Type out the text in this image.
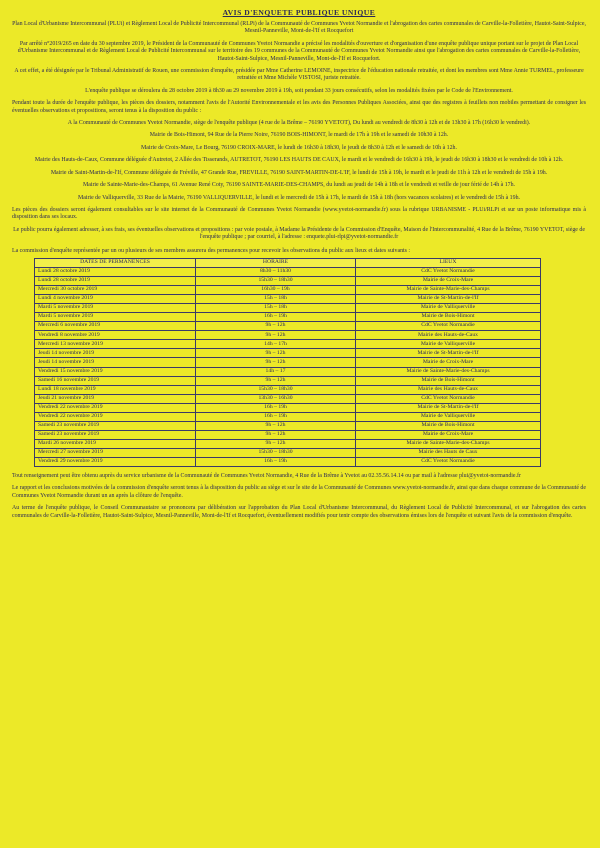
AVIS D'ENQUETE PUBLIQUE UNIQUE

Plan Local d'Urbanisme Intercommunal (PLUi) et Règlement Local de Publicité Intercommunal (RLPi) de la Communauté de Communes Yvetot Normandie et l'abrogation des cartes communales de Carville-la-Folletière, Hautot-Saint-Sulpice, Mesnil-Panneville, Mont-de-l'If et Rocquefort

Par arrêté n°2019/265 en date du 30 septembre 2019, le Président de la Communauté de Communes Yvetot Normandie a précisé les modalités d'ouverture et d'organisation d'une enquête publique unique portant sur le projet de Plan Local d'Urbanisme Intercommunal et de Règlement Local de Publicité Intercommunal sur le territoire des 19 communes de la Communauté de Communes Yvetot Normandie ainsi que l'abrogation des cartes communales de Carville-la-Folletière, Hautot-Saint-Sulpice, Mesnil-Panneville, Mont-de-l'If et Rocquefort.

A cet effet, a été désignée par le Tribunal Administratif de Rouen, une commission d'enquête, présidée par Mme Catherine LEMOINE, inspectrice de l'éducation nationale retraitée, et dont les membres sont Mme Annie TURMEL, professeure retraitée et Mme Michèle VISTOSI, juriste retraitée.

L'enquête publique se déroulera du 28 octobre 2019 à 8h30 au 29 novembre 2019 à 19h, soit pendant 33 jours consécutifs, selon les modalités fixées par le Code de l'Environnement.

Pendant toute la durée de l'enquête publique, les pièces des dossiers, notamment l'avis de l'Autorité Environnementale et les avis des Personnes Publiques Associées, ainsi que des registres à feuillets non mobiles permettant de consigner les éventuelles observations et propositions, seront tenus à la disposition du public :

A la Communauté de Communes Yvetot Normandie, siège de l'enquête publique (4 rue de la Brême – 76190 YVETOT), Du lundi au vendredi de 8h30 à 12h et de 13h30 à 17h (16h30 le vendredi).
Mairie de Bois-Himont, 94 Rue de la Pierre Noire, 76190 BOIS-HIMONT, le mardi de 17h à 19h et le samedi de 10h30 à 12h.
Mairie de Croix-Mare, Le Bourg, 76190 CROIX-MARE, le lundi de 16h30 à 18h30, le jeudi de 8h30 à 12h et le samedi de 10h à 12h.
Mairie des Hauts-de-Caux, Commune déléguée d'Autretot, 2 Allée des Tisserands, AUTRETOT, 76190 LES HAUTS DE CAUX, le mardi et le vendredi de 16h30 à 19h, le jeudi de 16h30 à 18h30 et le vendredi de 10h à 12h.
Mairie de Saint-Martin-de-l'If, Commune déléguée de Fréville, 47 Grande Rue, FREVILLE, 76190 SAINT-MARTIN-DE-L'IF, le lundi de 15h à 19h, le mardi et le jeudi de 11h à 12h et le vendredi de 15h à 19h.
Mairie de Sainte-Marie-des-Champs, 61 Avenue René Coty, 76190 SAINTE-MARIE-DES-CHAMPS, du lundi au jeudi de 14h à 18h et le vendredi et veille de jour férié de 14h à 17h.
Mairie de Valliquerville, 33 Rue de la Mairie, 76190 VALLIQUERVILLE, le lundi et le mercredi de 15h à 17h, le mardi de 15h à 18h (hors vacances scolaires) et le vendredi de 15h à 19h.

Les pièces des dossiers seront également consultables sur le site internet de la Communauté de Communes Yvetot Normandie (www.yvetot-normandie.fr) sous la rubrique URBANISME - PLUi/RLPi et sur un poste informatique mis à disposition dans ses locaux.

Le public pourra également adresser, à ses frais, ses éventuelles observations et propositions : par voie postale, à Madame la Présidente de la Commission d'Enquête, Maison de l'Intercommunalité, 4 Rue de la Brême, 76190 YVETOT, siège de l'enquête publique ; par courriel, à l'adresse : enquete.plui-rlpi@yvetot-normandie.fr

La commission d'enquête représentée par un ou plusieurs de ses membres assurera des permanences pour recevoir les observations du public aux lieux et dates suivants :
DATES DE PERMANENCES	HORAIRE	LIEUX
Lundi 28 octobre 2019	8h30 – 11h30	CdC Yvetot Normandie
Lundi 28 octobre 2019	15h30 – 18h30	Mairie de Croix-Mare
Mercredi 30 octobre 2019	16h30 – 19h	Mairie de Sainte-Marie-des-Champs
Lundi 4 novembre 2019	15h – 18h	Mairie de St-Martin-de-l'If
Mardi 5 novembre 2019	15h – 18h	Mairie de Valliquerville
Mardi 5 novembre 2019	16h – 19h	Mairie de Bois-Himont
Mercredi 6 novembre 2019	9h – 12h	CdC Yvetot Normandie
Vendredi 8 novembre 2019	9h – 12h	Mairie des Hauts-de-Caux
Mercredi 13 novembre 2019	14h – 17h	Mairie de Valliquerville
Jeudi 14 novembre 2019	9h – 12h	Mairie de St-Martin-de-l'If
Jeudi 14 novembre 2019	9h – 12h	Mairie de Croix-Mare
Vendredi 15 novembre 2019	14h – 17	Mairie de Sainte-Marie-des-Champs
Samedi 16 novembre 2019	9h – 12h	Mairie de Bois-Himont
Lundi 18 novembre 2019	15h30 – 18h30	Mairie des Hauts-de-Caux
Jeudi 21 novembre 2019	13h30 – 16h30	CdC Yvetot Normandie
Vendredi 22 novembre 2019	16h – 19h	Mairie de St-Martin-de-l'If
Vendredi 22 novembre 2019	16h – 19h	Mairie de Valliquerville
Samedi 23 novembre 2019	9h – 12h	Mairie de Bois-Himont
Samedi 23 novembre 2019	9h – 12h	Mairie de Croix-Mare
Mardi 26 novembre 2019	9h – 12h	Mairie de Sainte-Marie-des-Champs
Mercredi 27 novembre 2019	15h30 – 18h30	Mairie des Hauts de Caux
Vendredi 29 novembre 2019	16h – 19h	CdC Yvetot Normandie

Tout renseignement peut être obtenu auprès du service urbanisme de la Communauté de Communes Yvetot Normandie, 4 Rue de la Brême à Yvetot au 02.35.56.14.14 ou par mail à l'adresse plui@yvetot-normandie.fr

Le rapport et les conclusions motivées de la commission d'enquête seront tenus à la disposition du public au siège et sur le site de la Communauté de Communes www.yvetot-normandie.fr, ainsi que dans chaque commune de la Communauté de Communes Yvetot Normandie durant un an après la clôture de l'enquête.

Au terme de l'enquête publique, le Conseil Communautaire se prononcera par délibération sur l'approbation du Plan Local d'Urbanisme Intercommunal, du Règlement Local de Publicité Intercommunal, et sur l'abrogation des cartes communales de Carville-la-Folletière, Hautot-Saint-Sulpice, Mesnil-Panneville, Mont-de-l'If et Rocquefort, éventuellement modifiés pour tenir compte des observations émises lors de l'enquête et suivant l'avis de la commission d'enquête.
